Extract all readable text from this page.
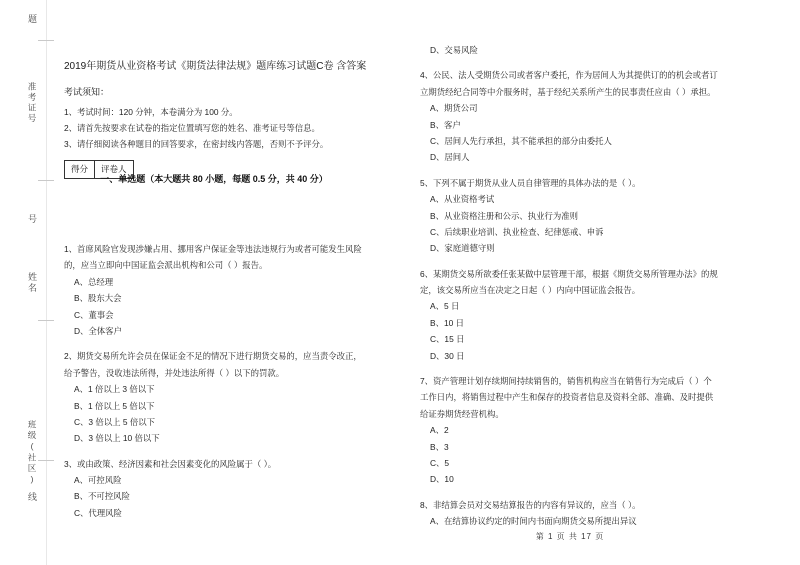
题
准考证号
号
姓名
班级(社区)
线
2019年期货从业资格考试《期货法律法规》题库练习试题C卷 含答案
考试须知：

1、考试时间：120 分钟，本卷满分为 100 分。

2、请首先按要求在试卷的指定位置填写您的姓名、准考证号等信息。

3、请仔细阅读各种题目的回答要求，在密封线内答题，否则不予评分。

得分	评卷人
一、单选题（本大题共 80 小题，每题 0.5 分，共 40 分）

1、首席风险官发现涉嫌占用、挪用客户保证金等违法违规行为或者可能发生风险的，应当立即向中国证监会派出机构和公司（ ）报告。

A、总经理

B、股东大会

C、董事会

D、全体客户

2、期货交易所允许会员在保证金不足的情况下进行期货交易的，应当责令改正，给予警告，没收违法所得，并处违法所得（ ）以下的罚款。

A、1 倍以上 3 倍以下

B、1 倍以上 5 倍以下

C、3 倍以上 5 倍以下

D、3 倍以上 10 倍以下

3、或由政策、经济因素和社会因素变化的风险属于（ ）。

A、可控风险

B、不可控风险

C、代理风险

D、交易风险

4、公民、法人受期货公司或者客户委托，作为居间人为其提供订的的机会或者订立期货经纪合同等中介服务时，基于经纪关系所产生的民事责任应由（ ）承担。

A、期货公司

B、客户

C、居间人先行承担，其不能承担的部分由委托人

D、居间人

5、下列不属于期货从业人员自律管理的具体办法的是（ ）。

A、从业资格考试

B、从业资格注册和公示、执业行为准则

C、后续职业培训、执业检查、纪律惩戒、申诉

D、家庭道德守则

6、某期货交易所欲委任张某做中层管理干部，根据《期货交易所管理办法》的规定，该交易所应当在决定之日起（ ）内向中国证监会报告。

A、5 日

B、10 日

C、15 日

D、30 日

7、资产管理计划存续期间持续销售的，销售机构应当在销售行为完成后（ ）个工作日内，将销售过程中产生和保存的投资者信息及资料全部、准确、及时提供给证券期货经营机构。

A、2

B、3

C、5

D、10

8、非结算会员对交易结算报告的内容有异议的，应当（ ）。

A、在结算协议约定的时间内书面向期货交易所提出异议

第 1 页 共 17 页
